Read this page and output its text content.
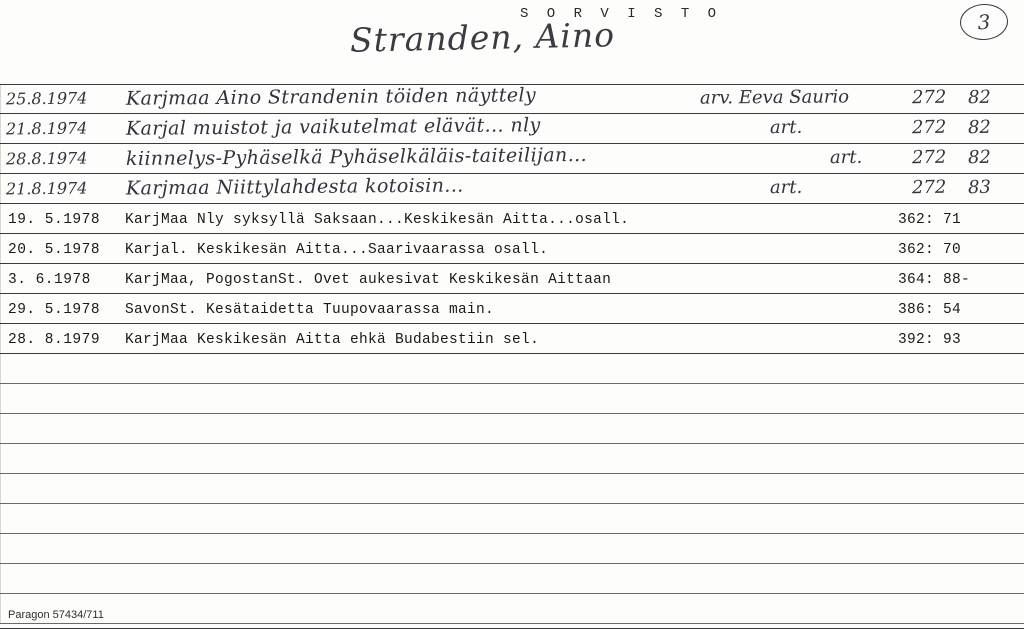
S O R V I S T O
Stranden, Aino	3
25.8.1974 Karjmaa Aino Strandenin töiden näyttely	arv. Eeva Saurio	272 82
21.8.1974 Karjal muistot ja vaikutelmat elävät... nly	art.	272 82
28.8.1974 kiinnelys-Pyhäselkä Pyhäselkäläis-taiteilijan...	art.	272 82
21.8.1974 Karjmaa Niittylahdesta kotoisin...	art.	272 83
19. 5.1978 KarjMaa Nly syksyllä Saksaan...Keskikesän Aitta...osall.	362: 71
20. 5.1978 Karjal. Keskikesän Aitta...Saarivaarassa osall.	362: 70
3. 6.1978 KarjMaa, PogostanSt. Ovet aukesivat Keskikesän Aittaan	364: 88-
29. 5.1978 SavonSt. Kesätaidetta Tuupovaarassa main.	386: 54
28. 8.1979 KarjMaa Keskikesän Aitta ehkä Budabestiin sel.	392: 93
Paragon 57434/711
